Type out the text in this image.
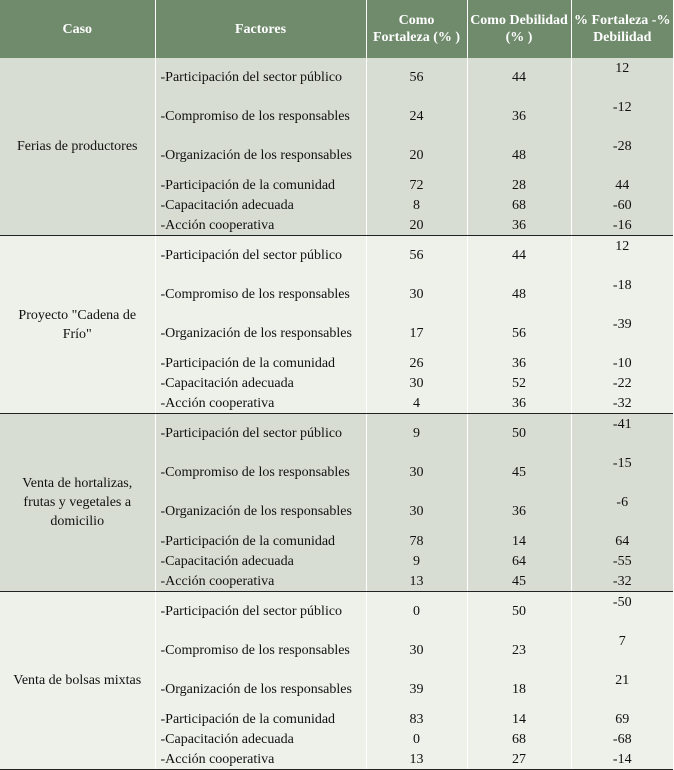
Caso	Factores	Como Fortaleza (% )	Como Debilidad (% )	% Fortaleza -% Debilidad
Ferias de productores	-Participación del sector público	56	44	12
	-Compromiso de los responsables	24	36	-12
	-Organización de los responsables	20	48	-28
	-Participación de la comunidad	72	28	44
	-Capacitación adecuada	8	68	-60
	-Acción cooperativa	20	36	-16
Proyecto "Cadena de Frío"	-Participación del sector público	56	44	12
	-Compromiso de los responsables	30	48	-18
	-Organización de los responsables	17	56	-39
	-Participación de la comunidad	26	36	-10
	-Capacitación adecuada	30	52	-22
	-Acción cooperativa	4	36	-32
Venta de hortalizas, frutas y vegetales a domicilio	-Participación del sector público	9	50	-41
	-Compromiso de los responsables	30	45	-15
	-Organización de los responsables	30	36	-6
	-Participación de la comunidad	78	14	64
	-Capacitación adecuada	9	64	-55
	-Acción cooperativa	13	45	-32
Venta de bolsas mixtas	-Participación del sector público	0	50	-50
	-Compromiso de los responsables	30	23	7
	-Organización de los responsables	39	18	21
	-Participación de la comunidad	83	14	69
	-Capacitación adecuada	0	68	-68
	-Acción cooperativa	13	27	-14
